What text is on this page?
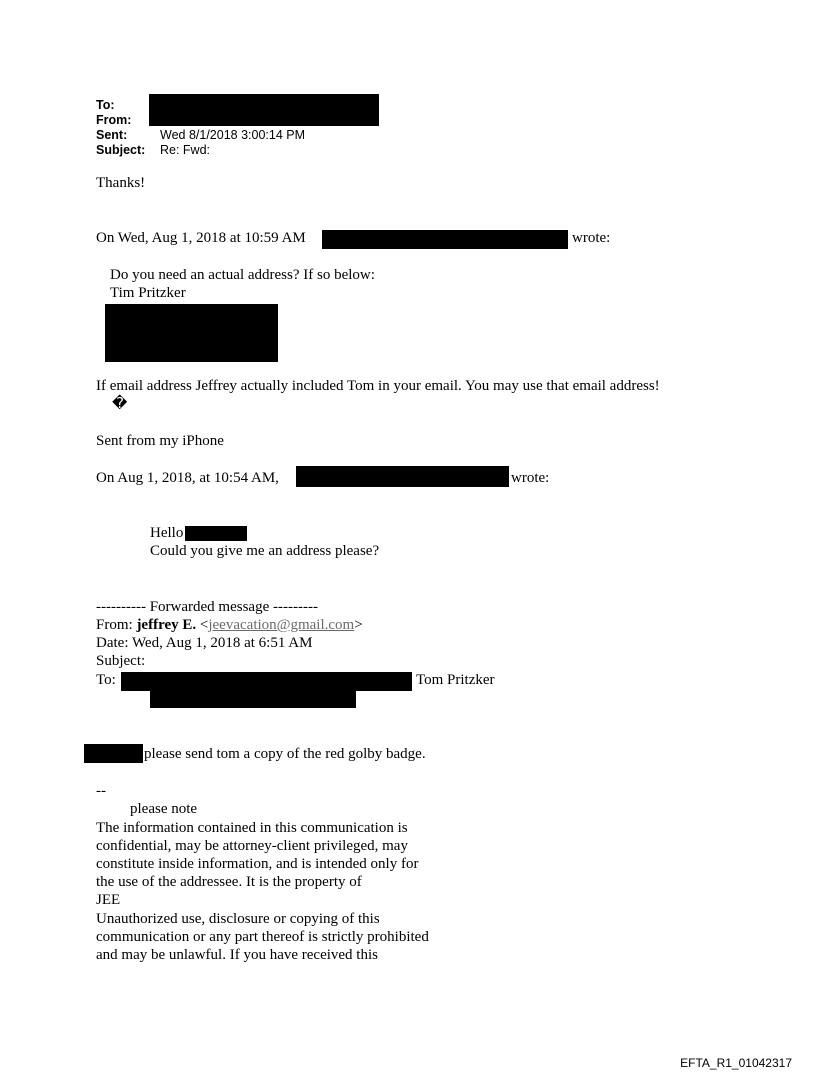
To:
From:
Sent:	Wed 8/1/2018 3:00:14 PM
Subject: Re: Fwd:
Thanks!
On Wed, Aug 1, 2018 at 10:59 AM	wrote:
Do you need an actual address? If so below:
Tim Pritzker
If email address Jeffrey actually included Tom in your email. You may use that email address!
�
Sent from my iPhone
On Aug 1, 2018, at 10:54 AM,	wrote:
Hello
Could you give me an address please?
---------- Forwarded message ---------
From: jeffrey E. <jeevacation@gmail.com>
Date: Wed, Aug 1, 2018 at 6:51 AM
Subject:
To:	Tom Pritzker
please send tom a copy of the red golby badge.
--
please note
The information contained in this communication is
confidential, may be attorney-client privileged, may
constitute inside information, and is intended only for
the use of the addressee. It is the property of
JEE
Unauthorized use, disclosure or copying of this
communication or any part thereof is strictly prohibited
and may be unlawful. If you have received this
EFTA_R1_01042317
